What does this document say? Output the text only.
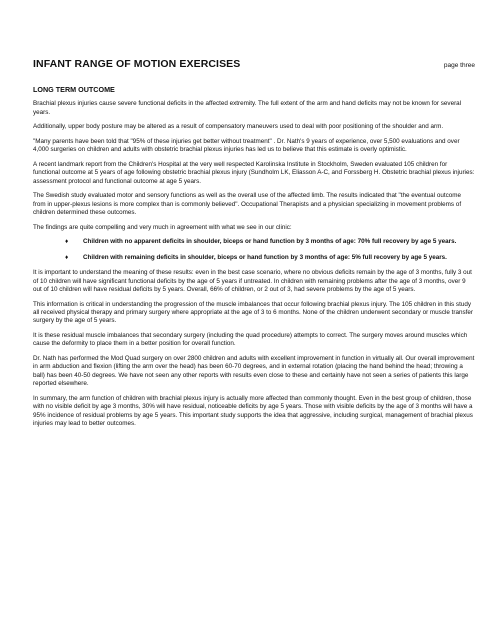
INFANT RANGE OF MOTION EXERCISES	page three
LONG TERM OUTCOME

Brachial plexus injuries cause severe functional deficits in the affected extremity. The full extent of the arm and hand deficits may not be known for several years.

Additionally, upper body posture may be altered as a result of compensatory maneuvers used to deal with poor positioning of the shoulder and arm.

"Many parents have been told that "95% of these injuries get better without treatment" . Dr. Nath's 9 years of experience, over 5,500 evaluations and over 4,000 surgeries on children and adults with obstetric brachial plexus injuries has led us to believe that this estimate is overly optimistic.

A recent landmark report from the Children's Hospital at the very well respected Karolinska Institute in Stockholm, Sweden evaluated 105 children for functional outcome at 5 years of age following obstetric brachial plexus injury (Sundholm LK, Eliasson A-C, and Forssberg H. Obstetric brachial plexus injuries: assessment protocol and functional outcome at age 5 years.

The Swedish study evaluated motor and sensory functions as well as the overall use of the affected limb. The results indicated that "the eventual outcome from in upper-plexus lesions is more complex than is commonly believed". Occupational Therapists and a physician specializing in movement problems of children determined these outcomes.

The findings are quite compelling and very much in agreement with what we see in our clinic:

♦ Children with no apparent deficits in shoulder, biceps or hand function by 3 months of age: 70% full recovery by age 5 years.
♦ Children with remaining deficits in shoulder, biceps or hand function by 3 months of age: 5% full recovery by age 5 years.

It is important to understand the meaning of these results: even in the best case scenario, where no obvious deficits remain by the age of 3 months, fully 3 out of 10 children will have significant functional deficits by the age of 5 years if untreated. In children with remaining problems after the age of 3 months, over 9 out of 10 children will have residual deficits by 5 years. Overall, 66% of children, or 2 out of 3, had severe problems by the age of 5 years.

This information is critical in understanding the progression of the muscle imbalances that occur following brachial plexus injury. The 105 children in this study all received physical therapy and primary surgery where appropriate at the age of 3 to 6 months. None of the children underwent secondary or muscle transfer surgery by the age of 5 years.

It is these residual muscle imbalances that secondary surgery (including the quad procedure) attempts to correct. The surgery moves around muscles which cause the deformity to place them in a better position for overall function.

Dr. Nath has performed the Mod Quad surgery on over 2800 children and adults with excellent improvement in function in virtually all. Our overall improvement in arm abduction and flexion (lifting the arm over the head) has been 60-70 degrees, and in external rotation (placing the hand behind the head; throwing a ball) has been 40-50 degrees. We have not seen any other reports with results even close to these and certainly have not seen a series of patients this large reported elsewhere.

In summary, the arm function of children with brachial plexus injury is actually more affected than commonly thought. Even in the best group of children, those with no visible deficit by age 3 months, 30% will have residual, noticeable deficits by age 5 years. Those with visible deficits by the age of 3 months will have a 95% incidence of residual problems by age 5 years. This important study supports the idea that aggressive, including surgical, management of brachial plexus injuries may lead to better outcomes.
